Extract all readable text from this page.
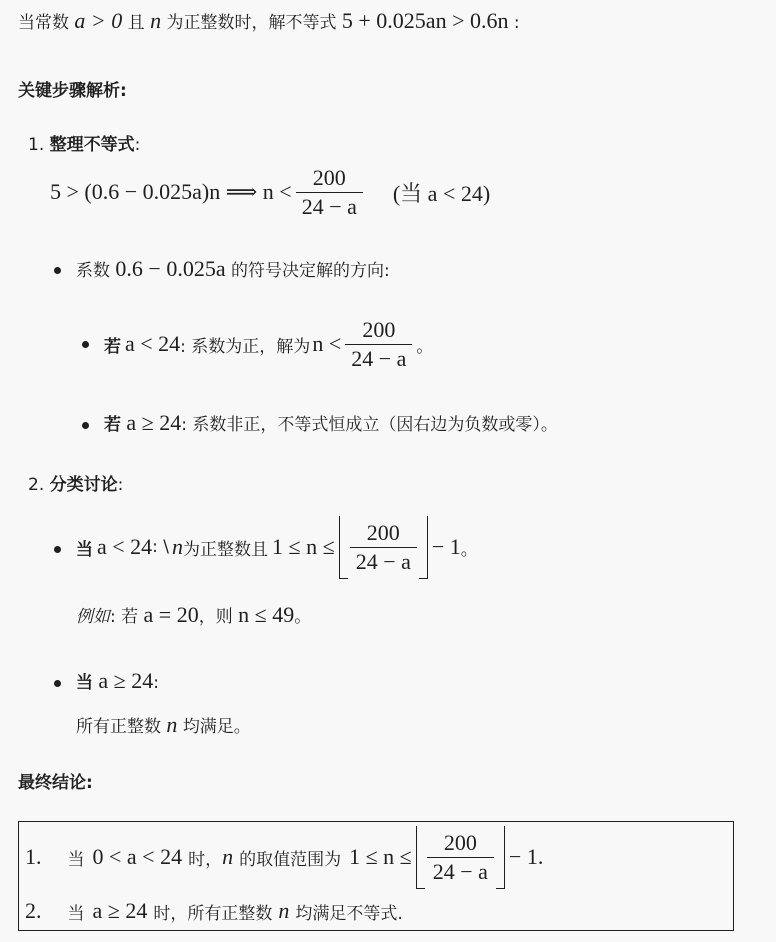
当常数 a > 0 且 n 为正整数时，解不等式 5 + 0.025an > 0.6n :
关键步骤解析:
1. 整理不等式:
5 > (0.6 − 0.025a)n ⟹ $n < \frac{200}{24 - a}$ (当 a < 24)
系数 0.6 − 0.025a 的符号决定解的方向:
若 a < 24 : 系数为正，解为 $n < \frac{200}{24 - a}$ 。
若 a ≥ 24: 系数非正，不等式恒成立（因右边为负数或零）。
2. 分类讨论:
当 a < 24 : \ n 为正整数且 $1 \le n \le \frac{200}{24 - a} - 1$ 。
例如: 若 a = 20，则 n ≤ 49。
当 a ≥ 24:
所有正整数 n 均满足。
最终结论:
1. 当 0 < a < 24 时， n 的取值范围为 $1 \le n \le \frac{200}{24 - a} - 1$.
2. 当 a ≥ 24 时，所有正整数 n 均满足不等式.
